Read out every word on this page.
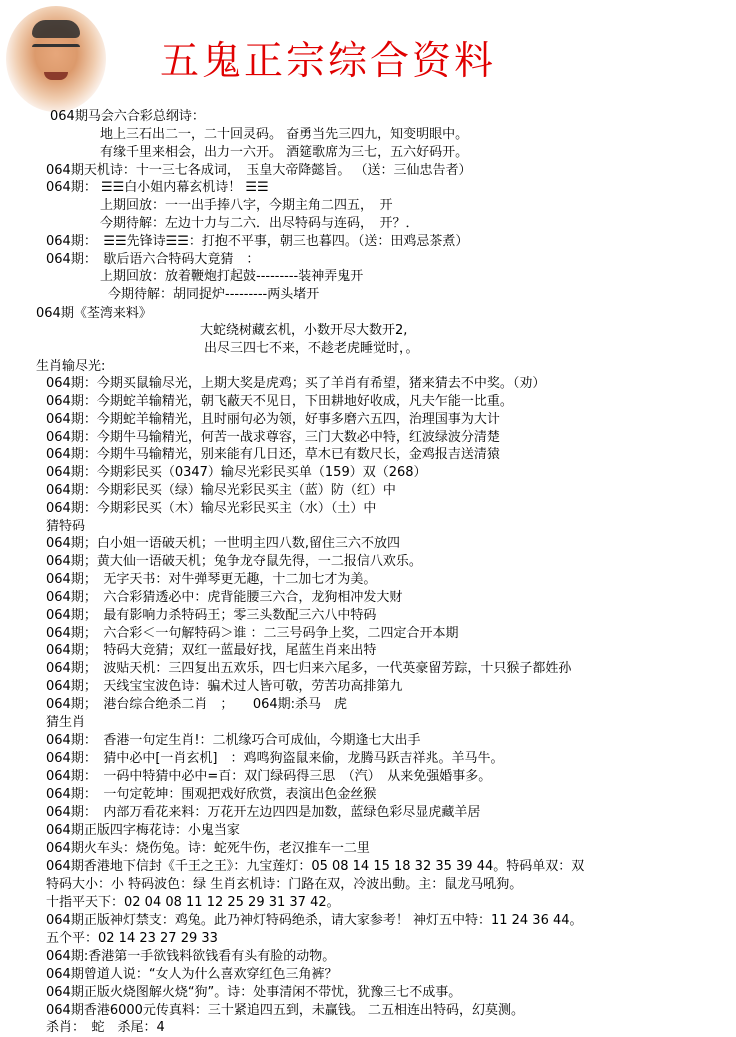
五鬼正宗综合资料
064期马会六合彩总纲诗：
地上三石出二一，二十回灵码。 奋勇当先三四九，知变明眼中。
有缘千里来相会，出力一六开。 酒筵歌席为三七，五六好码开。
064期天机诗：十一三七各成词，　玉皇大帝降懿旨。 （送：三仙忠告者）
064期： ☰☰白小姐内幕玄机诗！ ☰☰
上期回放：一一出手捧八字，今期主角二四五，　开
今期待解：左边十力与二六．出尽特码与连码，　开？．
064期：　☰☰先锋诗☰☰：打抱不平事，朝三也暮四。（送：田鸡忌茶煮）
064期：　歇后语六合特码大竟猜　：
上期回放：放着鞭炮打起鼓---------装神弄鬼开
今期待解：胡同捉炉---------两头堵开
064期《荃湾来料》
大蛇绕树藏玄机，小数开尽大数开2,
出尽三四七不来，不趁老虎睡觉时，。
生肖输尽光:
064期：今期买鼠输尽光，上期大奖是虎鸡；买了羊肖有希望，猪来猜去不中奖。（劝）
064期：今期蛇羊输精光，朝飞蔽天不见日，下田耕地好收成，凡夫乍能一比重。
064期：今期蛇羊输精光，且时丽句必为领，好事多磨六五四，治理国事为大计
064期：今期牛马输精光，何苦一战求尊容，三门大数必中特，红波绿波分清楚
064期：今期牛马输精光，别来能有几日还，草木已有数尺长，金鸡报吉送清猿
064期：今期彩民买（0347）输尽光彩民买单（159）双（268）
064期：今期彩民买（绿）输尽光彩民买主（蓝）防（红）中
064期：今期彩民买（木）输尽光彩民买主（水）（土）中
猜特码
064期；白小姐一语破天机；一世明主四八数,留住三六不放四
064期；黄大仙一语破天机；兔争龙夺鼠先得，一二报信八欢乐。
064期；　无字天书：对牛弹琴更无趣，十二加七才为美。
064期；　六合彩猜透必中：虎背能腰三六合，龙狗相冲发大财
064期；　最有影响力杀特码王；零三头数配三六八中特码
064期；　六合彩＜一句解特码＞谁 ：二三号码争上奖，二四定合开本期
064期；　特码大竞猜；双红一蓝最好找，尾蓝生肖来出特
064期；　波贴天机：三四复出五欢乐，四七归来六尾多，一代英豪留芳踪，十只猴子都姓孙
064期；　天线宝宝波色诗：骗术过人皆可敬，劳苦功高排第九
064期；　港台综合绝杀二肖　；　　064期:杀马　虎
猜生肖
064期：　香港一句定生肖!：二机缘巧合可成仙，今期逢七大出手
064期：　猜中必中[一肖玄机]　：鸡鸣狗盗鼠来偷，龙腾马跃吉祥兆。羊马牛。
064期：　一码中特猜中必中=百：双门绿码得三思　（汽）　从来免强婚事多。
064期：　一句定乾坤：围观把戏好欣赏，表演出色金丝猴
064期：　内部万看花来料：万花开左边四四是加数，蓝绿色彩尽显虎藏羊居
064期正版四字梅花诗：小鬼当家
064期火车头：烧伤兔。诗：蛇死牛伤，老汉推车一二里
064期香港地下信封《千王之王》：九宝莲灯：05 08 14 15 18 32 35 39 44。特码单双：双
特码大小：小 特码波色：绿 生肖玄机诗：门路在双，冷波出動。主：鼠龙马吼狗。
十指平天下：02 04 08 11 12 25 29 31 37 42。
064期正版神灯禁支：鸡兔。此乃神灯特码绝杀，请大家参考！ 神灯五中特：11 24 36 44。
五个平：02 14 23 27 29 33
064期:香港第一手欲钱料欲钱看有头有脸的动物。
064期曾道人说：“女人为什么喜欢穿红色三角裤？
064期正版火烧图解火烧“狗”。诗：处事清闲不带忧，犹豫三七不成事。
064期香港6000元传真料：三十紧追四五到，未赢钱。 二五相连出特码，幻莫测。
杀肖：　蛇　杀尾：4
